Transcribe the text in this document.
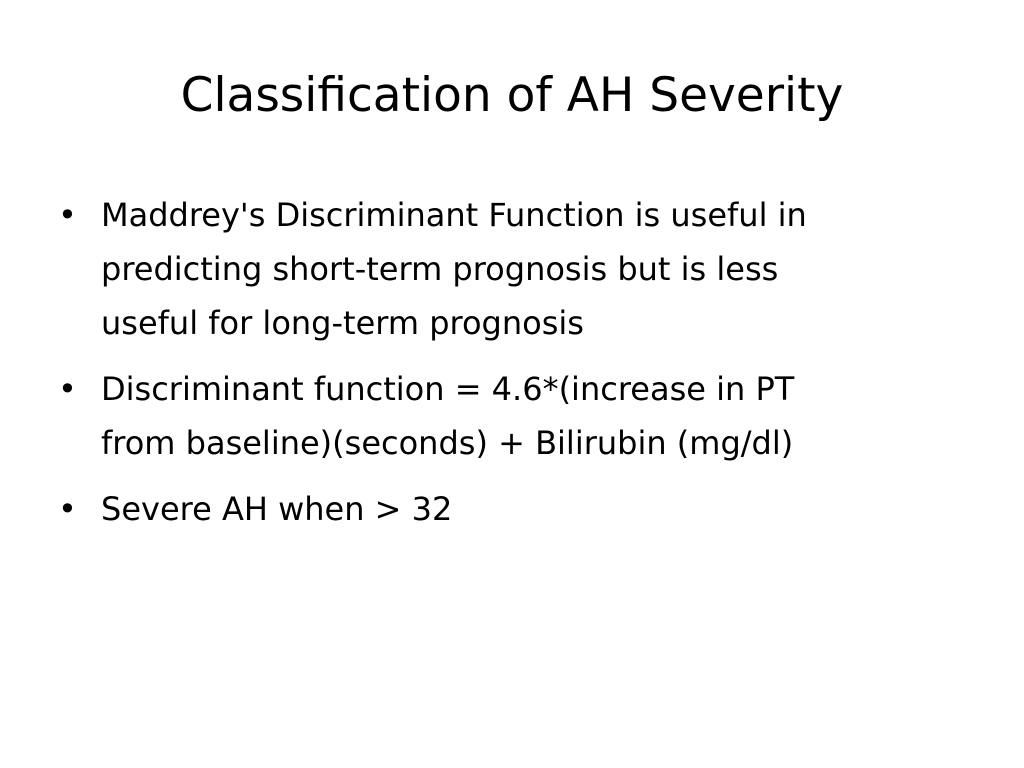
Classification of AH Severity
• Maddrey's Discriminant Function is useful in
predicting short-term prognosis but is less
useful for long-term prognosis
• Discriminant function = 4.6*(increase in PT
from baseline)(seconds) + Bilirubin (mg/dl)
• Severe AH when > 32
